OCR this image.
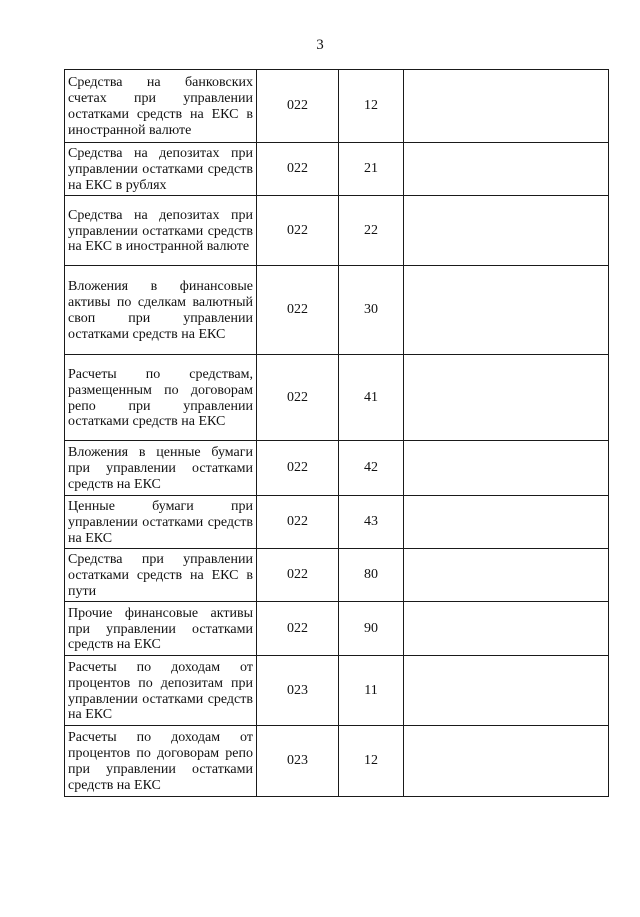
3
Средства на банковских счетах при управлении остатками средств на ЕКС в иностранной валюте	022	12	

Средства на депозитах при управлении остатками средств на ЕКС в рублях	022	21	

Средства на депозитах при управлении остатками средств на ЕКС в иностранной валюте	022	22	

Вложения в финансовые активы по сделкам валютный своп при управлении остатками средств на ЕКС	022	30	

Расчеты по средствам, размещенным по договорам репо при управлении остатками средств на ЕКС	022	41	

Вложения в ценные бумаги при управлении остатками средств на ЕКС	022	42	

Ценные бумаги при управлении остатками средств на ЕКС	022	43	

Средства при управлении остатками средств на ЕКС в пути	022	80	

Прочие финансовые активы при управлении остатками средств на ЕКС	022	90	

Расчеты по доходам от процентов по депозитам при управлении остатками средств на ЕКС	023	11	

Расчеты по доходам от процентов по договорам репо при управлении остатками средств на ЕКС	023	12	
